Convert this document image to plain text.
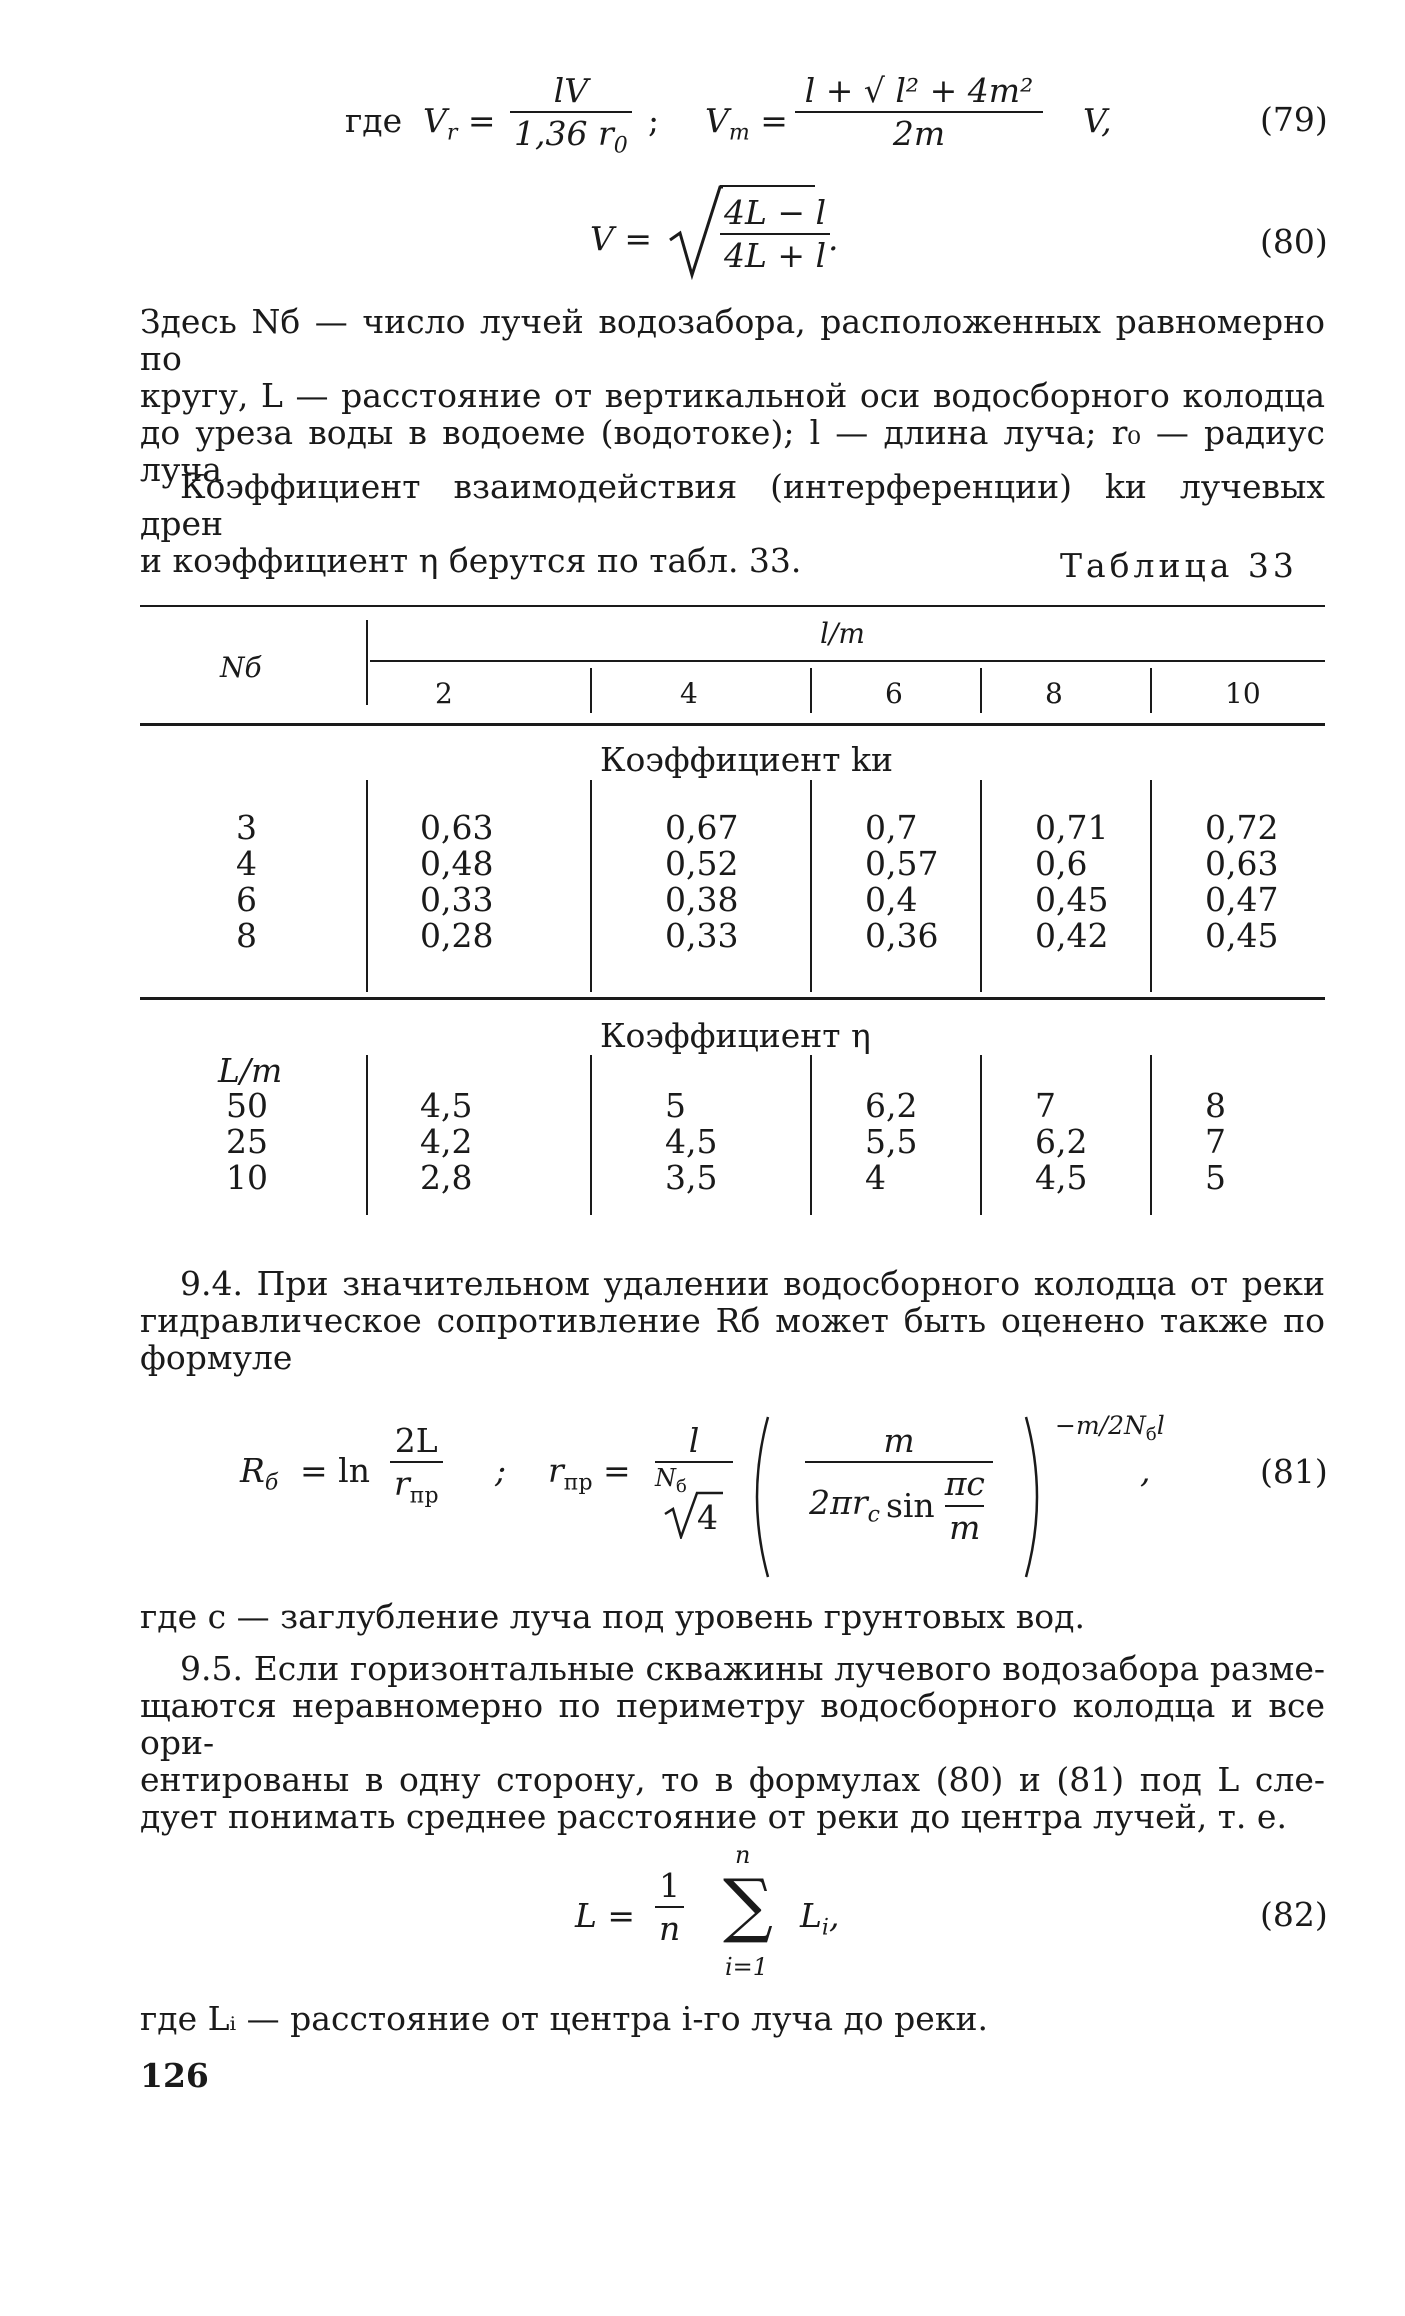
где $V_r = \frac{lV}{1,36 r_0}$ ; $V_т = \frac{\text{l + √ l² + 4m²}}{2m} V$,	(79)
$V = \frac{4L - l}{4L + l}$
.	(80)
Здесь Nб — число лучей водозабора, расположенных равномерно по
кругу, L — расстояние от вертикальной оси водосборного колодца
до уреза воды в водоеме (водотоке); l — длина луча; r₀ — радиус
луча
Коэффициент взаимодействия (интерференции) kи лучевых дрен
и коэффициент η берутся по табл. 33.	Таблица 33
Nб
l/m
2	4	6	8	10
Коэффициент kи
3	0,63	0,67	0,7	0,71	0,72
4	0,48	0,52	0,57	0,6	0,63
6	0,33	0,38	0,4	0,45	0,47
8	0,28	0,33	0,36	0,42	0,45
Коэффициент η
L/m
50	4,5	5	6,2	7	8
25	4,2	4,5	5,5	6,2	7
10	2,8	3,5	4	4,5	5
9.4. При значительном удалении водосборного колодца от реки
гидравлическое сопротивление Rб может быть оценено также по
формуле
$R_б = \ln$
2L
$r_{пр}$
; $r_{пр}$ =
l
$N_б$
4
m
$2\pi r_c$ $\sin \frac{\pi c}{m}$
$-m/2N_бl$
,	(81)
где c — заглубление луча под уровень грунтовых вод.
9.5. Если горизонтальные скважины лучевого водозабора разме-
щаются неравномерно по периметру водосборного колодца и все ори-
ентированы в одну сторону, то в формулах (80) и (81) под L сле-
дует понимать среднее расстояние от реки до центра лучей, т. е.
$L = \frac{1}{n}$
n
∑
i=1
$L_i$,	(82)
где Lᵢ — расстояние от центра i-го луча до реки.
126
